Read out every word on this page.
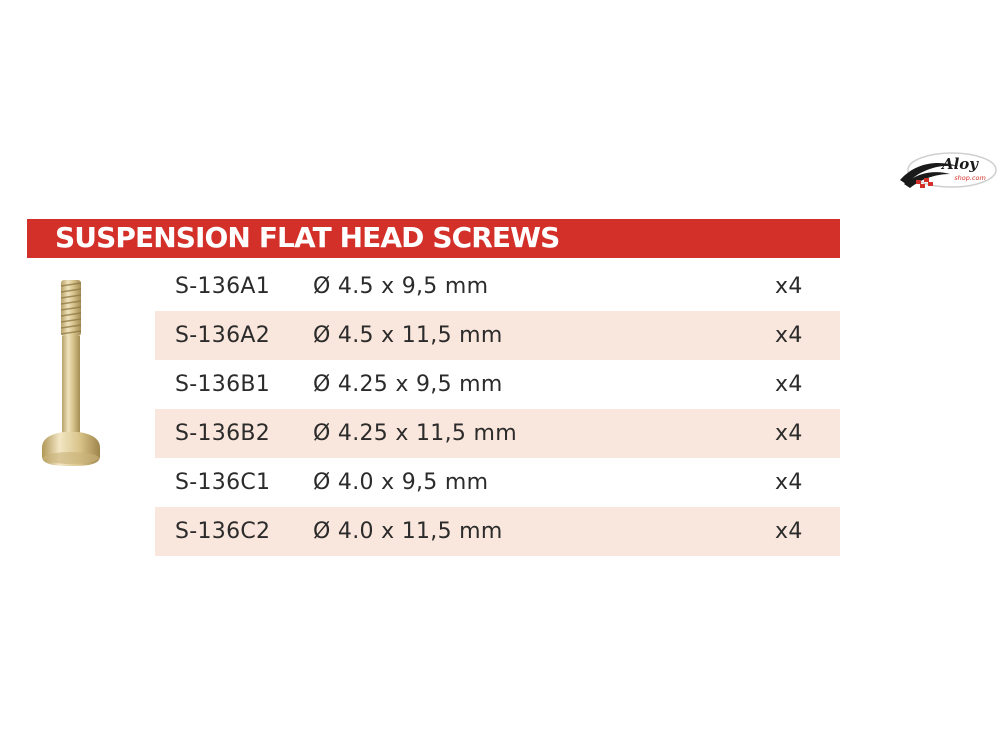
Aloy
shop.com
SUSPENSION FLAT HEAD SCREWS
S-136A1 Ø 4.5 x 9,5 mm	x4
S-136A2 Ø 4.5 x 11,5 mm	x4
S-136B1 Ø 4.25 x 9,5 mm	x4
S-136B2 Ø 4.25 x 11,5 mm	x4
S-136C1 Ø 4.0 x 9,5 mm	x4
S-136C2 Ø 4.0 x 11,5 mm	x4
